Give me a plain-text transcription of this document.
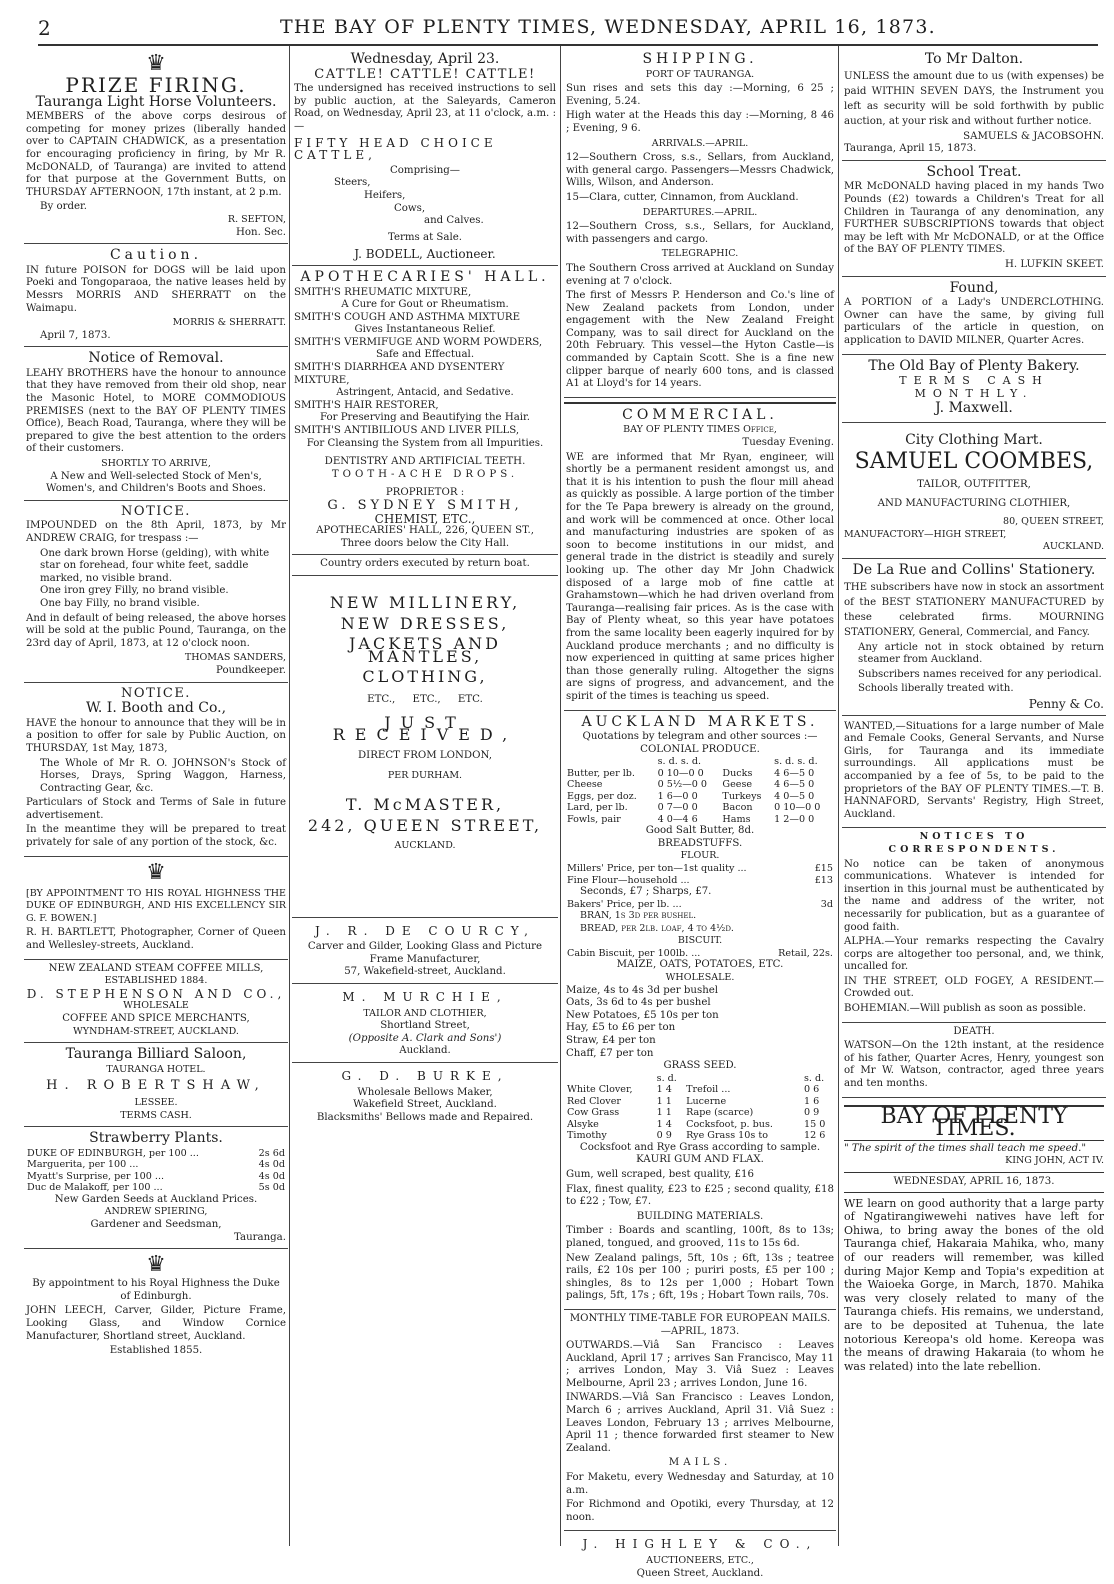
2	THE BAY OF PLENTY TIMES, WEDNESDAY, APRIL 16, 1873.
♛
PRIZE FIRING.
Tauranga Light Horse Volunteers.
MEMBERS of the above corps desirous of competing for money prizes (liberally handed over to CAPTAIN CHADWICK, as a presentation for encouraging proficiency in firing, by Mr R. McDONALD, of Tauranga) are invited to attend for that purpose at the Government Butts, on THURSDAY AFTERNOON, 17th instant, at 2 p.m.
By order.
R. SEFTON,
Hon. Sec.
Caution.
IN future POISON for DOGS will be laid upon Poeki and Tongoparaoa, the native leases held by Messrs MORRIS AND SHERRATT on the Waimapu.
MORRIS & SHERRATT.
April 7, 1873.
Notice of Removal.
LEAHY BROTHERS have the honour to announce that they have removed from their old shop, near the Masonic Hotel, to MORE COMMODIOUS PREMISES (next to the BAY OF PLENTY TIMES Office), Beach Road, Tauranga, where they will be prepared to give the best attention to the orders of their customers.
SHORTLY TO ARRIVE,
A New and Well-selected Stock of Men's, Women's, and Children's Boots and Shoes.
NOTICE.
IMPOUNDED on the 8th April, 1873, by Mr ANDREW CRAIG, for trespass :—
One dark brown Horse (gelding), with white star on forehead, four white feet, saddle marked, no visible brand.
One iron grey Filly, no brand visible.
One bay Filly, no brand visible.
And in default of being released, the above horses will be sold at the public Pound, Tauranga, on the 23rd day of April, 1873, at 12 o'clock noon.
THOMAS SANDERS,
Poundkeeper.
NOTICE.
W. I. Booth and Co.,
HAVE the honour to announce that they will be in a position to offer for sale by Public Auction, on THURSDAY, 1st May, 1873,
The Whole of Mr R. O. JOHNSON's Stock of Horses, Drays, Spring Waggon, Harness, Contracting Gear, &c.
Particulars of Stock and Terms of Sale in future advertisement.
In the meantime they will be prepared to treat privately for sale of any portion of the stock, &c.
♛
[BY APPOINTMENT TO HIS ROYAL HIGHNESS THE DUKE OF EDINBURGH, AND HIS EXCELLENCY SIR G. F. BOWEN.]
R. H. BARTLETT, Photographer, Corner of Queen and Wellesley-streets, Auckland.
NEW ZEALAND STEAM COFFEE MILLS,
ESTABLISHED 1884.
D. STEPHENSON AND CO.,
WHOLESALE
COFFEE AND SPICE MERCHANTS,
WYNDHAM-STREET, AUCKLAND.
Tauranga Billiard Saloon,
TAURANGA HOTEL.
H. ROBERTSHAW,
LESSEE.
TERMS CASH.
Strawberry Plants.
DUKE OF EDINBURGH, per 100 ...	2s 6d
Marguerita, per 100 ...	4s 0d
Myatt's Surprise, per 100 ...	4s 0d
Duc de Malakoff, per 100 ...	5s 0d
New Garden Seeds at Auckland Prices.
ANDREW SPIERING,
Gardener and Seedsman,
Tauranga.
♛
By appointment to his Royal Highness the Duke of Edinburgh.
JOHN LEECH, Carver, Gilder, Picture Frame, Looking Glass, and Window Cornice Manufacturer, Shortland street, Auckland.
Established 1855.
Wednesday, April 23.
CATTLE! CATTLE! CATTLE!
The undersigned has received instructions to sell by public auction, at the Saleyards, Cameron Road, on Wednesday, April 23, at 11 o'clock, a.m. :—
FIFTY HEAD CHOICE CATTLE,
Comprising—
Steers,
Heifers,
Cows,
and Calves.
Terms at Sale.
J. BODELL, Auctioneer.
APOTHECARIES' HALL.
SMITH'S RHEUMATIC MIXTURE,
A Cure for Gout or Rheumatism.
SMITH'S COUGH AND ASTHMA MIXTURE
Gives Instantaneous Relief.
SMITH'S VERMIFUGE AND WORM POWDERS,
Safe and Effectual.
SMITH'S DIARRHŒA AND DYSENTERY MIXTURE,
Astringent, Antacid, and Sedative.
SMITH'S HAIR RESTORER,
For Preserving and Beautifying the Hair.
SMITH'S ANTIBILIOUS AND LIVER PILLS,
For Cleansing the System from all Impurities.
DENTISTRY AND ARTIFICIAL TEETH.
TOOTH-ACHE DROPS.
PROPRIETOR :
G. SYDNEY SMITH,
CHEMIST, ETC.,
APOTHECARIES' HALL, 226, QUEEN ST.,
Three doors below the City Hall.
Country orders executed by return boat.
NEW MILLINERY,
NEW DRESSES,
JACKETS AND MANTLES,
CLOTHING,
ETC., ETC., ETC.
JUST RECEIVED,
DIRECT FROM LONDON,
PER DURHAM.
T. McMASTER,
242, QUEEN STREET,
AUCKLAND.
J. R. DE COURCY,
Carver and Gilder, Looking Glass and Picture Frame Manufacturer,
57, Wakefield-street, Auckland.
M. MURCHIE,
TAILOR AND CLOTHIER,
Shortland Street,
(Opposite A. Clark and Sons')
Auckland.
G. D. BURKE,
Wholesale Bellows Maker,
Wakefield Street, Auckland.
Blacksmiths' Bellows made and Repaired.
SHIPPING.
PORT OF TAURANGA.
Sun rises and sets this day :—Morning, 6 25 ; Evening, 5.24.
High water at the Heads this day :—Morning, 8 46 ; Evening, 9 6.
ARRIVALS.—APRIL.
12—Southern Cross, s.s., Sellars, from Auckland, with general cargo. Passengers—Messrs Chadwick, Wills, Wilson, and Anderson.
15—Clara, cutter, Cinnamon, from Auckland.
DEPARTURES.—APRIL.
12—Southern Cross, s.s., Sellars, for Auckland, with passengers and cargo.
TELEGRAPHIC.
The Southern Cross arrived at Auckland on Sunday evening at 7 o'clock.
The first of Messrs P. Henderson and Co.'s line of New Zealand packets from London, under engagement with the New Zealand Freight Company, was to sail direct for Auckland on the 20th February. This vessel—the Hyton Castle—is commanded by Captain Scott. She is a fine new clipper barque of nearly 600 tons, and is classed A1 at Lloyd's for 14 years.
COMMERCIAL.
BAY OF PLENTY TIMES Office,
Tuesday Evening.
WE are informed that Mr Ryan, engineer, will shortly be a permanent resident amongst us, and that it is his intention to push the flour mill ahead as quickly as possible. A large portion of the timber for the Te Papa brewery is already on the ground, and work will be commenced at once. Other local and manufacturing industries are spoken of as soon to become institutions in our midst, and general trade in the district is steadily and surely looking up. The other day Mr John Chadwick disposed of a large mob of fine cattle at Grahamstown—which he had driven overland from Tauranga—realising fair prices. As is the case with Bay of Plenty wheat, so this year have potatoes from the same locality been eagerly inquired for by Auckland produce merchants ; and no difficulty is now experienced in quitting at same prices higher than those generally ruling. Altogether the signs are signs of progress, and advancement, and the spirit of the times is teaching us speed.
AUCKLAND MARKETS.
Quotations by telegram and other sources :—
COLONIAL PRODUCE.
	s. d. s. d.		s. d. s. d.
Butter, per lb.	0 10—0 0	Ducks	4 6—5 0
Cheese	0 5½—0 0	Geese	4 6—5 0
Eggs, per doz.	1 6—0 0	Turkeys	4 0—5 0
Lard, per lb.	0 7—0 0	Bacon	0 10—0 0
Fowls, pair	4 0—4 6	Hams	1 2—0 0
Good Salt Butter, 8d.
BREADSTUFFS.
FLOUR.
Millers' Price, per ton—1st quality ...	£15
Fine Flour—household ...	£13
Seconds, £7 ; Sharps, £7.
Bakers' Price, per lb. ...	3d
BRAN, 1s 3d per bushel.
BREAD, per 2lb. loaf, 4 to 4½d.
BISCUIT.
Cabin Biscuit, per 100lb. ...	Retail, 22s.
MAIZE, OATS, POTATOES, ETC.
WHOLESALE.
Maize, 4s to 4s 3d per bushel
Oats, 3s 6d to 4s per bushel
New Potatoes, £5 10s per ton
Hay, £5 to £6 per ton
Straw, £4 per ton
Chaff, £7 per ton
GRASS SEED.
	s. d.		s. d.
White Clover,	1 4	Trefoil ...	0 6
Red Clover	1 1	Lucerne	1 6
Cow Grass	1 1	Rape (scarce)	0 9
Alsyke	1 4	Cocksfoot, p. bus.	15 0
Timothy	0 9	Rye Grass 10s to	12 6
Cocksfoot and Rye Grass according to sample.
KAURI GUM AND FLAX.
Gum, well scraped, best quality, £16
Flax, finest quality, £23 to £25 ; second quality, £18 to £22 ; Tow, £7.
BUILDING MATERIALS.
Timber : Boards and scantling, 100ft, 8s to 13s; planed, tongued, and grooved, 11s to 15s 6d.
New Zealand palings, 5ft, 10s ; 6ft, 13s ; teatree rails, £2 10s per 100 ; puriri posts, £5 per 100 ; shingles, 8s to 12s per 1,000 ; Hobart Town palings, 5ft, 17s ; 6ft, 19s ; Hobart Town rails, 70s.
MONTHLY TIME-TABLE FOR EUROPEAN MAILS.—APRIL, 1873.
OUTWARDS.—Viâ San Francisco : Leaves Auckland, April 17 ; arrives San Francisco, May 11 ; arrives London, May 3. Viâ Suez : Leaves Melbourne, April 23 ; arrives London, June 16.
INWARDS.—Viâ San Francisco : Leaves London, March 6 ; arrives Auckland, April 31. Viâ Suez : Leaves London, February 13 ; arrives Melbourne, April 11 ; thence forwarded first steamer to New Zealand.
MAILS.
For Maketu, every Wednesday and Saturday, at 10 a.m.
For Richmond and Opotiki, every Thursday, at 12 noon.
J. HIGHLEY & CO.,
AUCTIONEERS, ETC.,
Queen Street, Auckland.
To Mr Dalton.
UNLESS the amount due to us (with expenses) be paid WITHIN SEVEN DAYS, the Instrument you left as security will be sold forthwith by public auction, at your risk and without further notice.
SAMUELS & JACOBSOHN.
Tauranga, April 15, 1873.
School Treat.
MR McDONALD having placed in my hands Two Pounds (£2) towards a Children's Treat for all Children in Tauranga of any denomination, any FURTHER SUBSCRIPTIONS towards that object may be left with Mr McDONALD, or at the Office of the BAY OF PLENTY TIMES.
H. LUFKIN SKEET.
Found,
A PORTION of a Lady's UNDERCLOTHING. Owner can have the same, by giving full particulars of the article in question, on application to DAVID MILNER, Quarter Acres.
The Old Bay of Plenty Bakery.
TERMS CASH MONTHLY.
J. Maxwell.
City Clothing Mart.
SAMUEL COOMBES,
TAILOR, OUTFITTER,
AND MANUFACTURING CLOTHIER,
80, QUEEN STREET,
MANUFACTORY—HIGH STREET,
AUCKLAND.
De La Rue and Collins' Stationery.
THE subscribers have now in stock an assortment of the BEST STATIONERY MANUFACTURED by these celebrated firms. MOURNING STATIONERY, General, Commercial, and Fancy.
Any article not in stock obtained by return steamer from Auckland.
Subscribers names received for any periodical.
Schools liberally treated with.
Penny & Co.
WANTED,—Situations for a large number of Male and Female Cooks, General Servants, and Nurse Girls, for Tauranga and its immediate surroundings. All applications must be accompanied by a fee of 5s, to be paid to the proprietors of the BAY OF PLENTY TIMES.—T. B. HANNAFORD, Servants' Registry, High Street, Auckland.
NOTICES TO CORRESPONDENTS.
No notice can be taken of anonymous communications. Whatever is intended for insertion in this journal must be authenticated by the name and address of the writer, not necessarily for publication, but as a guarantee of good faith.
ALPHA.—Your remarks respecting the Cavalry corps are altogether too personal, and, we think, uncalled for.
IN THE STREET, OLD FOGEY, A RESIDENT.—Crowded out.
BOHEMIAN.—Will publish as soon as possible.
DEATH.
WATSON—On the 12th instant, at the residence of his father, Quarter Acres, Henry, youngest son of Mr W. Watson, contractor, aged three years and ten months.
BAY OF PLENTY TIMES.
" The spirit of the times shall teach me speed."
KING JOHN, ACT IV.
WEDNESDAY, APRIL 16, 1873.
WE learn on good authority that a large party of Ngatirangiwewehi natives have left for Ohiwa, to bring away the bones of the old Tauranga chief, Hakaraia Mahika, who, many of our readers will remember, was killed during Major Kemp and Topia's expedition at the Waioeka Gorge, in March, 1870. Mahika was very closely related to many of the Tauranga chiefs. His remains, we understand, are to be deposited at Tuhenua, the late notorious Kereopa's old home. Kereopa was the means of drawing Hakaraia (to whom he was related) into the late rebellion.
